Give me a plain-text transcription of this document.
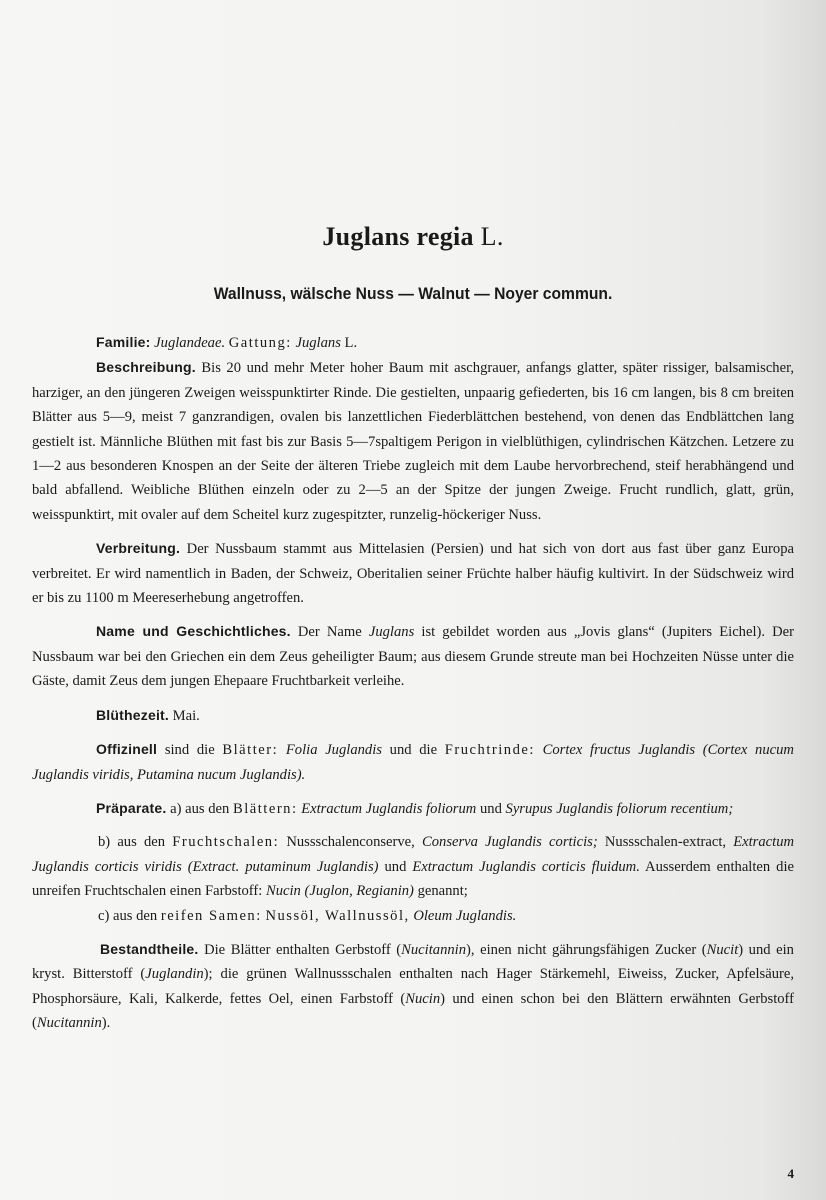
Juglans regia L.
Wallnuss, wälsche Nuss — Walnut — Noyer commun.

Familie: Juglandeae. Gattung: Juglans L.

Beschreibung. Bis 20 und mehr Meter hoher Baum mit aschgrauer, anfangs glatter, später rissiger, balsamischer, harziger, an den jüngeren Zweigen weisspunktirter Rinde. Die gestielten, unpaarig gefiederten, bis 16 cm langen, bis 8 cm breiten Blätter aus 5—9, meist 7 ganzrandigen, ovalen bis lanzettlichen Fiederblättchen bestehend, von denen das Endblättchen lang gestielt ist. Männliche Blüthen mit fast bis zur Basis 5—7spaltigem Perigon in vielblüthigen, cylindrischen Kätzchen. Letzere zu 1—2 aus besonderen Knospen an der Seite der älteren Triebe zugleich mit dem Laube hervorbrechend, steif herabhängend und bald abfallend. Weibliche Blüthen einzeln oder zu 2—5 an der Spitze der jungen Zweige. Frucht rundlich, glatt, grün, weisspunktirt, mit ovaler auf dem Scheitel kurz zugespitzter, runzelig-höckeriger Nuss.

Verbreitung. Der Nussbaum stammt aus Mittelasien (Persien) und hat sich von dort aus fast über ganz Europa verbreitet. Er wird namentlich in Baden, der Schweiz, Oberitalien seiner Früchte halber häufig kultivirt. In der Südschweiz wird er bis zu 1100 m Meereserhebung angetroffen.

Name und Geschichtliches. Der Name Juglans ist gebildet worden aus „Jovis glans“ (Jupiters Eichel). Der Nussbaum war bei den Griechen ein dem Zeus geheiligter Baum; aus diesem Grunde streute man bei Hochzeiten Nüsse unter die Gäste, damit Zeus dem jungen Ehepaare Fruchtbarkeit verleihe.

Blüthezeit. Mai.

Offizinell sind die Blätter: Folia Juglandis und die Fruchtrinde: Cortex fructus Juglandis (Cortex nucum Juglandis viridis, Putamina nucum Juglandis).

Präparate. a) aus den Blättern: Extractum Juglandis foliorum und Syrupus Juglandis foliorum recentium;

b) aus den Fruchtschalen: Nussschalenconserve, Conserva Juglandis corticis; Nussschalen-extract, Extractum Juglandis corticis viridis (Extract. putaminum Juglandis) und Extractum Juglandis corticis fluidum. Ausserdem enthalten die unreifen Fruchtschalen einen Farbstoff: Nucin (Juglon, Regianin) genannt;

c) aus den reifen Samen: Nussöl, Wallnussöl, Oleum Juglandis.

Bestandtheile. Die Blätter enthalten Gerbstoff (Nucitannin), einen nicht gährungsfähigen Zucker (Nucit) und ein kryst. Bitterstoff (Juglandin); die grünen Wallnussschalen enthalten nach Hager Stärkemehl, Eiweiss, Zucker, Apfelsäure, Phosphorsäure, Kali, Kalkerde, fettes Oel, einen Farbstoff (Nucin) und einen schon bei den Blättern erwähnten Gerbstoff (Nucitannin).

4
